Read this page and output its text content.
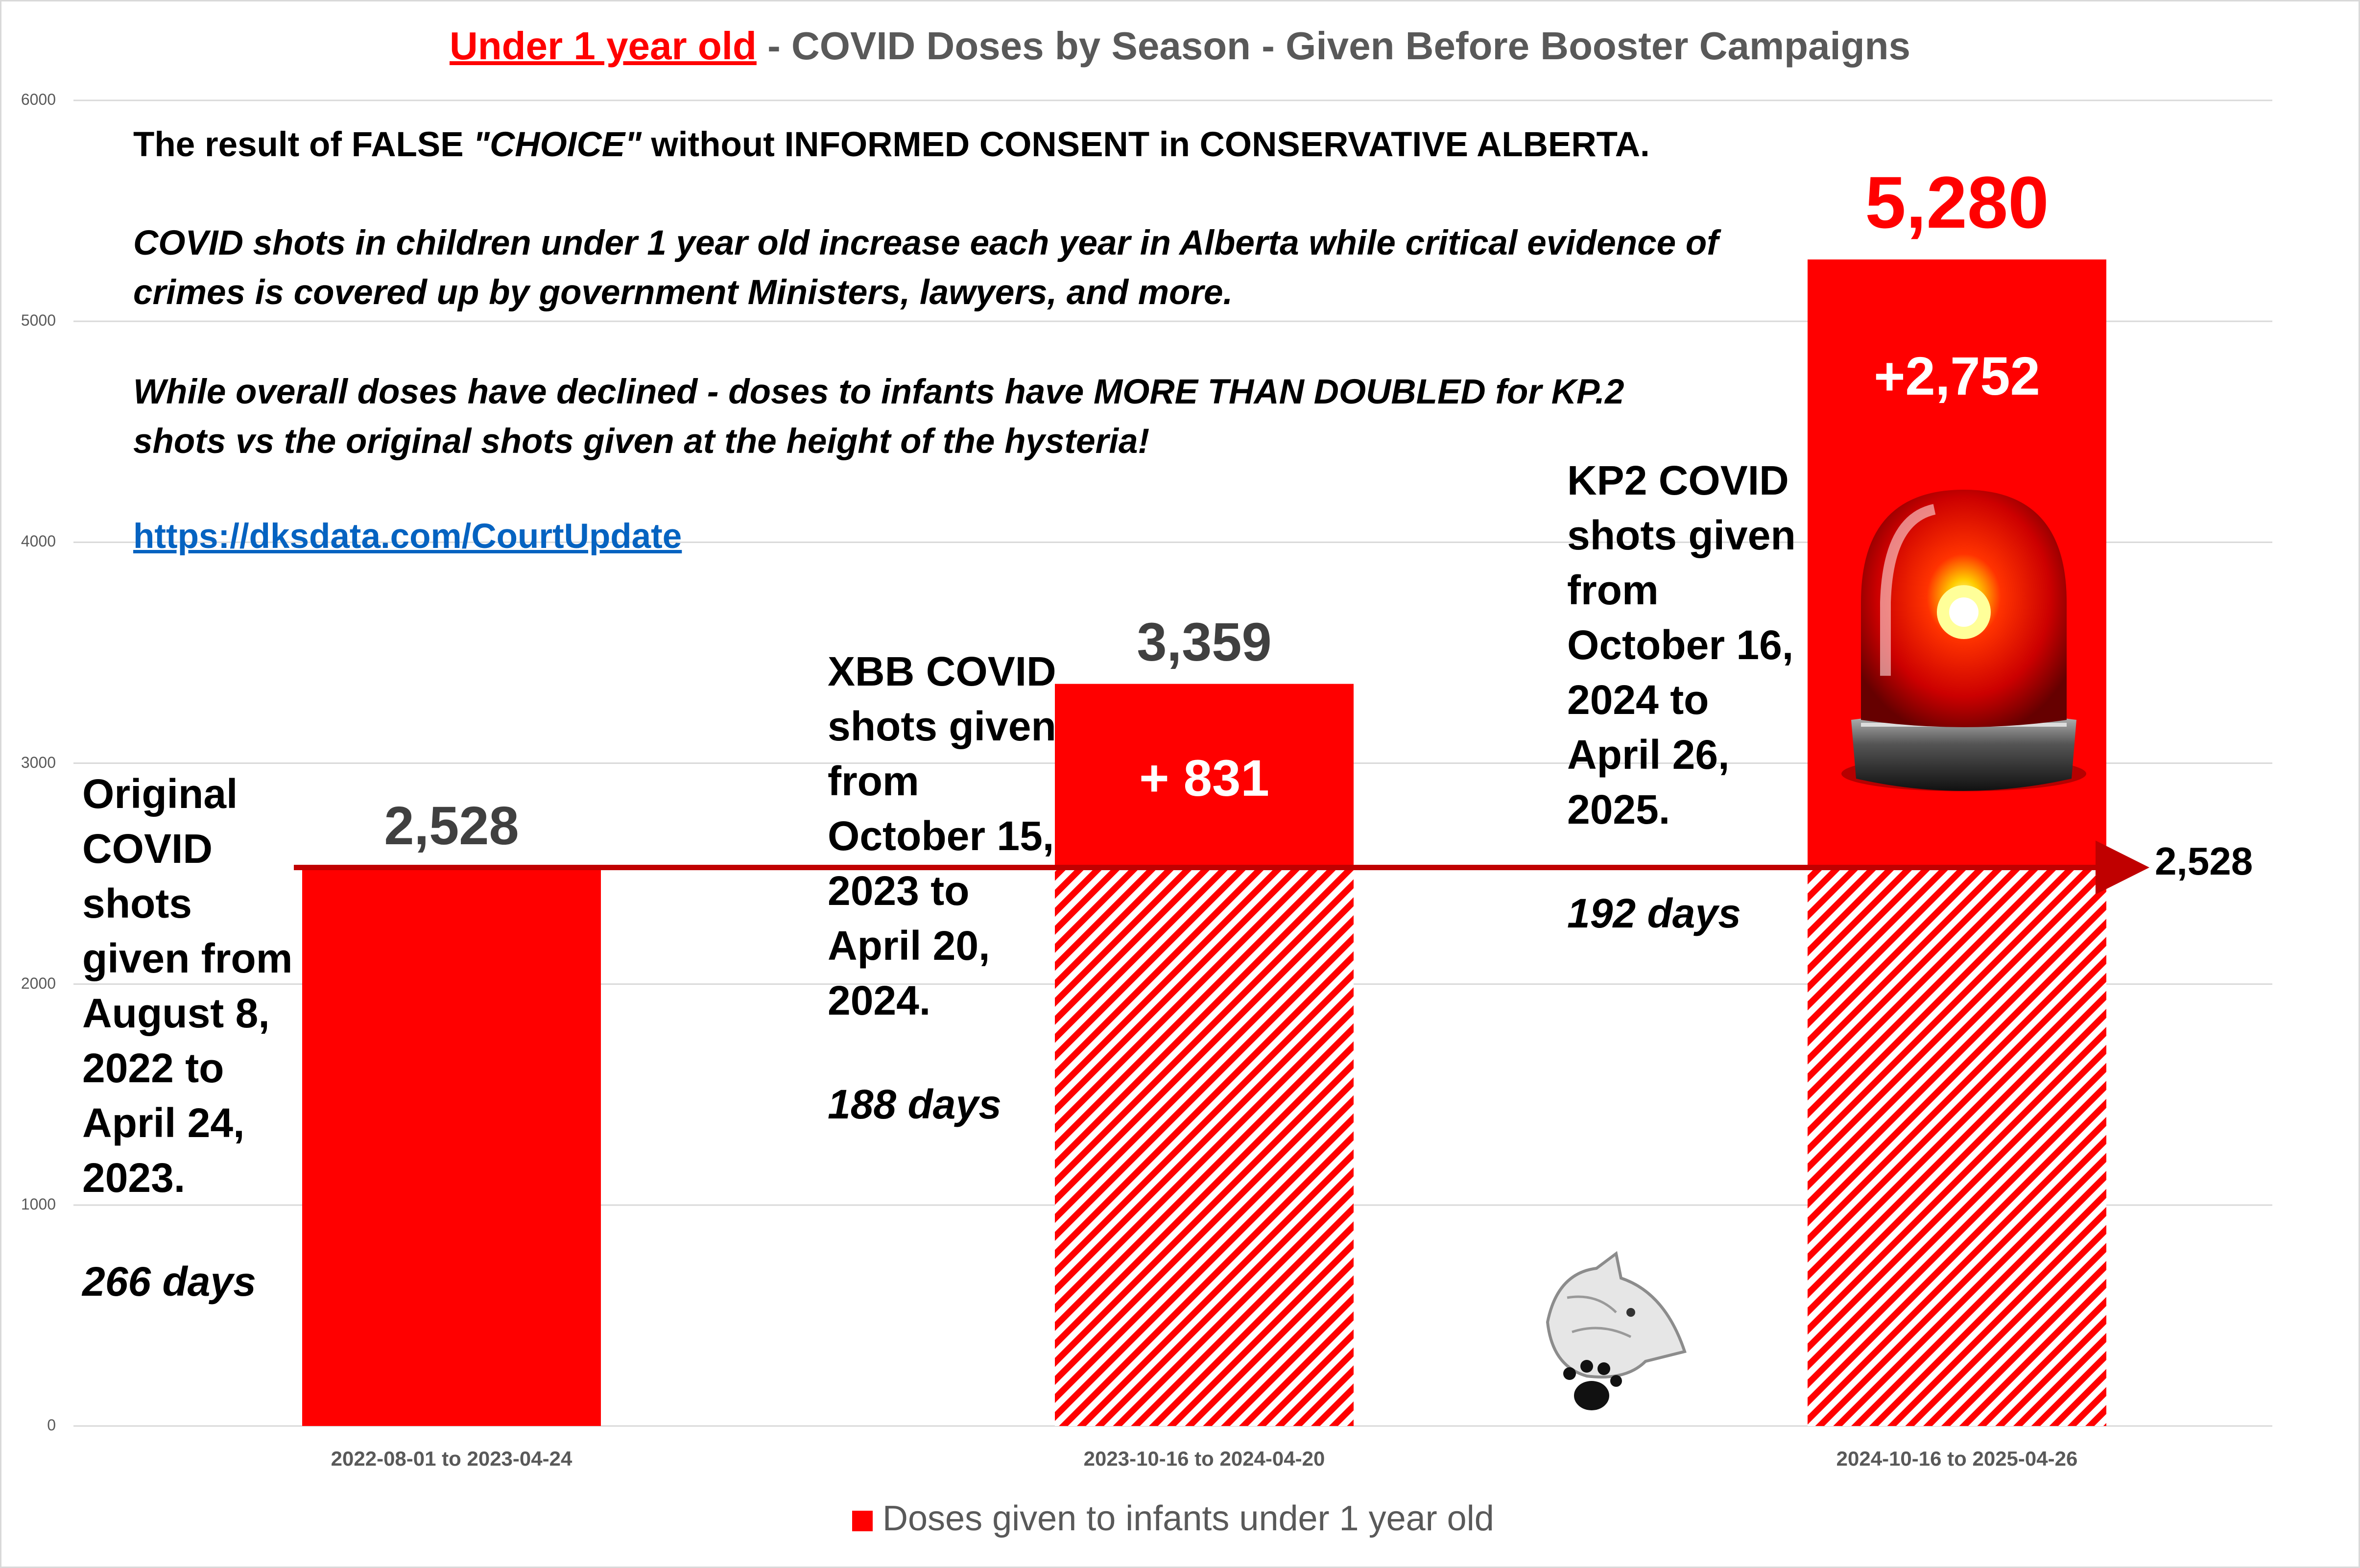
Under 1 year old - COVID Doses by Season - Given Before Booster Campaigns
The result of FALSE "CHOICE" without INFORMED CONSENT in CONSERVATIVE ALBERTA.
COVID shots in children under 1 year old increase each year in Alberta while critical evidence of crimes is covered up by government Ministers, lawyers, and more.
While overall doses have declined - doses to infants have MORE THAN DOUBLED for KP.2 shots vs the original shots given at the height of the hysteria!
https://dksdata.com/CourtUpdate
Original COVID shots given from August 8, 2022 to April 24, 2023.
266 days
XBB COVID shots given from October 15, 2023 to April 20, 2024.
188 days
KP2 COVID shots given from October 16, 2024 to April 26, 2025.
192 days
0
1000
2000
3000
4000
5000
6000
2,528
3,359
5,280
+ 831
+2,752
2022-08-01 to 2023-04-24	2023-10-16 to 2024-04-20	2024-10-16 to 2025-04-26
2,528
Doses given to infants under 1 year old
